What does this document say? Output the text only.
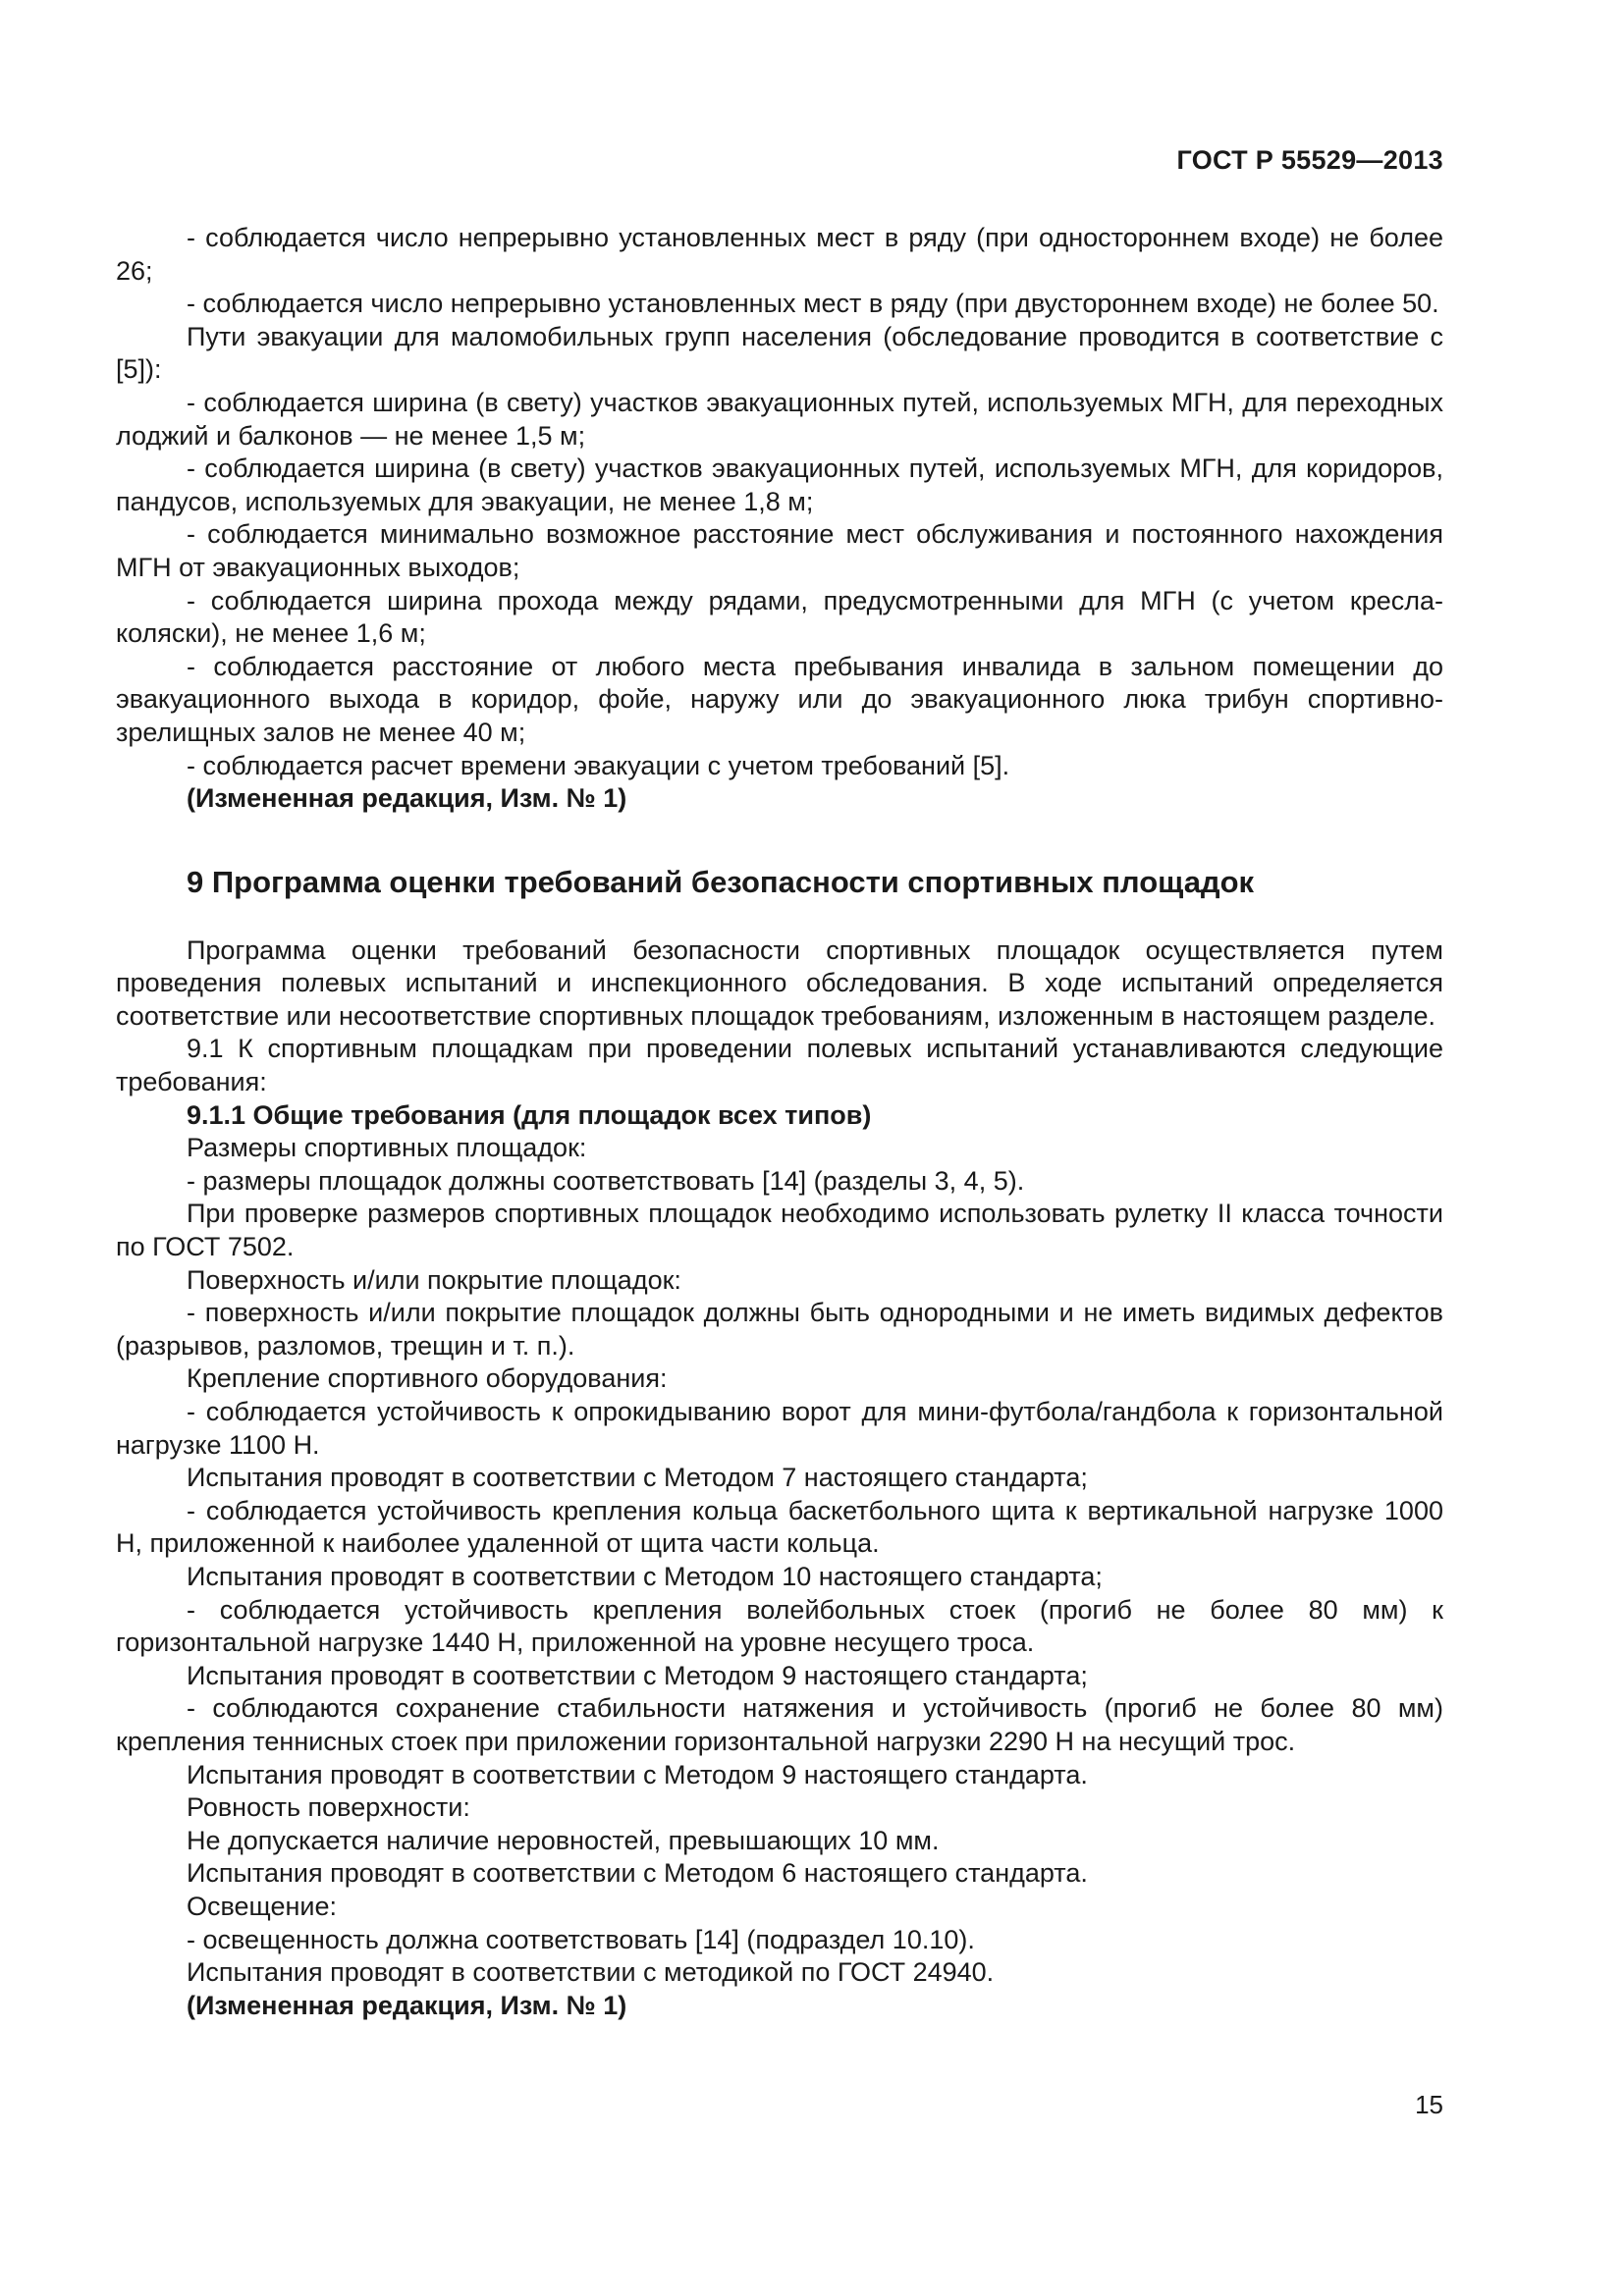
ГОСТ Р 55529—2013

- соблюдается число непрерывно установленных мест в ряду (при одностороннем входе) не более 26;

- соблюдается число непрерывно установленных мест в ряду (при двустороннем входе) не более 50.

Пути эвакуации для маломобильных групп населения (обследование проводится в соответствие с [5]):

- соблюдается ширина (в свету) участков эвакуационных путей, используемых МГН, для переходных лоджий и балконов — не менее 1,5 м;

- соблюдается ширина (в свету) участков эвакуационных путей, используемых МГН, для коридоров, пандусов, используемых для эвакуации, не менее 1,8 м;

- соблюдается минимально возможное расстояние мест обслуживания и постоянного нахождения МГН от эвакуационных выходов;

- соблюдается ширина прохода между рядами, предусмотренными для МГН (с учетом кресла-коляски), не менее 1,6 м;

- соблюдается расстояние от любого места пребывания инвалида в зальном помещении до эвакуационного выхода в коридор, фойе, наружу или до эвакуационного люка трибун спортивно-зрелищных залов не менее 40 м;

- соблюдается расчет времени эвакуации с учетом требований [5].

(Измененная редакция, Изм. № 1)

9 Программа оценки требований безопасности спортивных площадок

Программа оценки требований безопасности спортивных площадок осуществляется путем проведения полевых испытаний и инспекционного обследования. В ходе испытаний определяется соответствие или несоответствие спортивных площадок требованиям, изложенным в настоящем разделе.

9.1 К спортивным площадкам при проведении полевых испытаний устанавливаются следующие требования:

9.1.1 Общие требования (для площадок всех типов)

Размеры спортивных площадок:

- размеры площадок должны соответствовать [14] (разделы 3, 4, 5).

При проверке размеров спортивных площадок необходимо использовать рулетку II класса точности по ГОСТ 7502.

Поверхность и/или покрытие площадок:

- поверхность и/или покрытие площадок должны быть однородными и не иметь видимых дефектов (разрывов, разломов, трещин и т. п.).

Крепление спортивного оборудования:

- соблюдается устойчивость к опрокидыванию ворот для мини-футбола/гандбола к горизонтальной нагрузке 1100 Н.

Испытания проводят в соответствии с Методом 7 настоящего стандарта;

- соблюдается устойчивость крепления кольца баскетбольного щита к вертикальной нагрузке 1000 Н, приложенной к наиболее удаленной от щита части кольца.

Испытания проводят в соответствии с Методом 10 настоящего стандарта;

- соблюдается устойчивость крепления волейбольных стоек (прогиб не более 80 мм) к горизонтальной нагрузке 1440 Н, приложенной на уровне несущего троса.

Испытания проводят в соответствии с Методом 9 настоящего стандарта;

- соблюдаются сохранение стабильности натяжения и устойчивость (прогиб не более 80 мм) крепления теннисных стоек при приложении горизонтальной нагрузки 2290 Н на несущий трос.

Испытания проводят в соответствии с Методом 9 настоящего стандарта.

Ровность поверхности:

Не допускается наличие неровностей, превышающих 10 мм.

Испытания проводят в соответствии с Методом 6 настоящего стандарта.

Освещение:

- освещенность должна соответствовать [14] (подраздел 10.10).

Испытания проводят в соответствии с методикой по ГОСТ 24940.

(Измененная редакция, Изм. № 1)

15
